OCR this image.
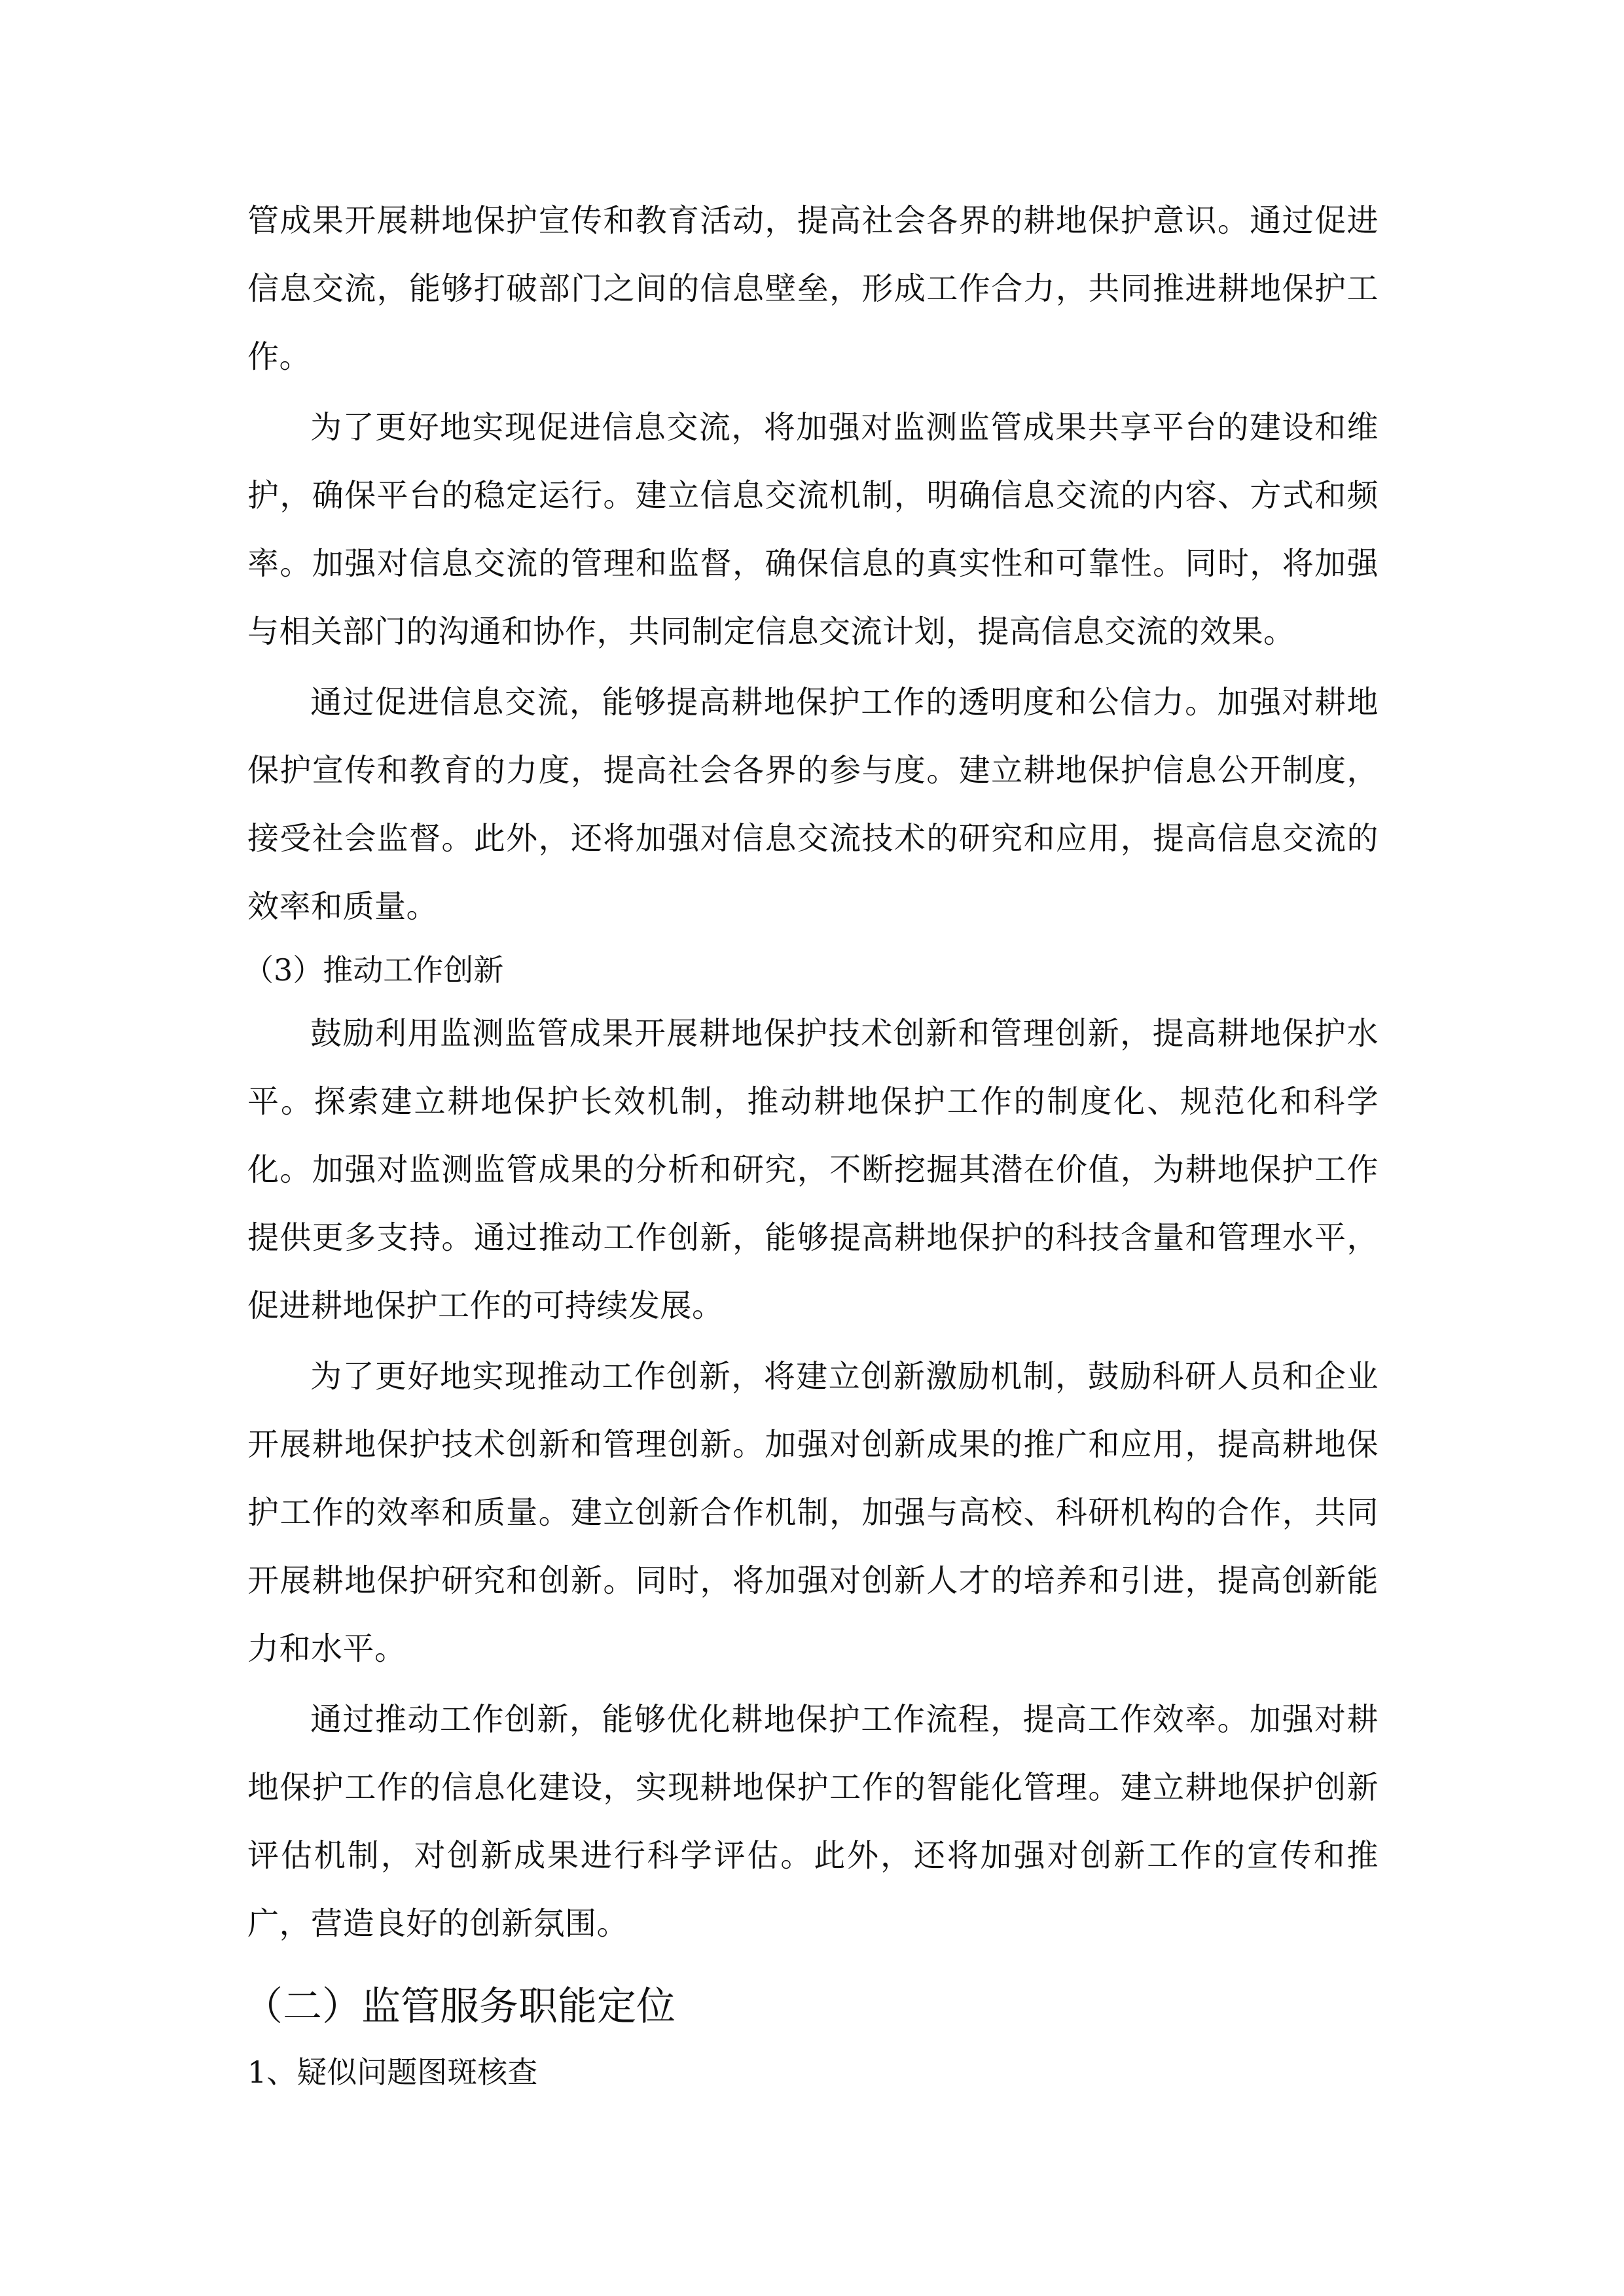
管成果开展耕地保护宣传和教育活动，提高社会各界的耕地保护意识。通过促进信息交流，能够打破部门之间的信息壁垒，形成工作合力，共同推进耕地保护工作。

为了更好地实现促进信息交流，将加强对监测监管成果共享平台的建设和维护，确保平台的稳定运行。建立信息交流机制，明确信息交流的内容、方式和频率。加强对信息交流的管理和监督，确保信息的真实性和可靠性。同时，将加强与相关部门的沟通和协作，共同制定信息交流计划，提高信息交流的效果。

通过促进信息交流，能够提高耕地保护工作的透明度和公信力。加强对耕地保护宣传和教育的力度，提高社会各界的参与度。建立耕地保护信息公开制度，接受社会监督。此外，还将加强对信息交流技术的研究和应用，提高信息交流的效率和质量。

（3）推动工作创新

鼓励利用监测监管成果开展耕地保护技术创新和管理创新，提高耕地保护水平。探索建立耕地保护长效机制，推动耕地保护工作的制度化、规范化和科学化。加强对监测监管成果的分析和研究，不断挖掘其潜在价值，为耕地保护工作提供更多支持。通过推动工作创新，能够提高耕地保护的科技含量和管理水平，促进耕地保护工作的可持续发展。

为了更好地实现推动工作创新，将建立创新激励机制，鼓励科研人员和企业开展耕地保护技术创新和管理创新。加强对创新成果的推广和应用，提高耕地保护工作的效率和质量。建立创新合作机制，加强与高校、科研机构的合作，共同开展耕地保护研究和创新。同时，将加强对创新人才的培养和引进，提高创新能力和水平。

通过推动工作创新，能够优化耕地保护工作流程，提高工作效率。加强对耕地保护工作的信息化建设，实现耕地保护工作的智能化管理。建立耕地保护创新评估机制，对创新成果进行科学评估。此外，还将加强对创新工作的宣传和推广，营造良好的创新氛围。

（二）监管服务职能定位

1、疑似问题图斑核查
